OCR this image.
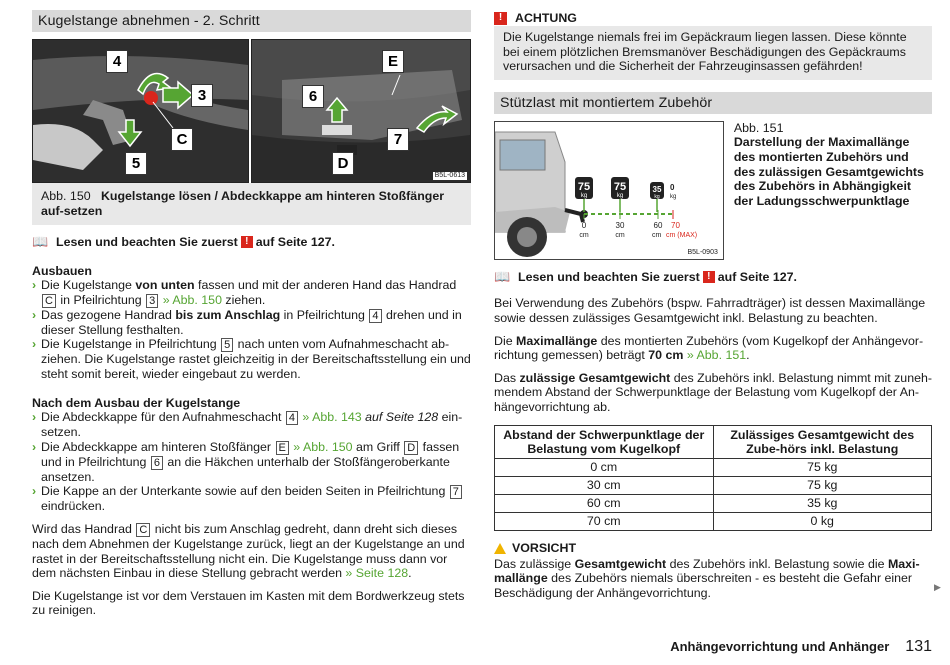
Kugelstange abnehmen - 2. Schritt
4
3
C
5
E
6
7
D
B5L-0613
Abb. 150 Kugelstange lösen / Abdeckkappe am hinteren Stoßfänger auf-setzen
📖 Lesen und beachten Sie zuerst ! auf Seite 127.
Ausbauen
› Die Kugelstange von unten fassen und mit der anderen Hand das Handrad C in Pfeilrichtung 3 » Abb. 150 ziehen.
› Das gezogene Handrad bis zum Anschlag in Pfeilrichtung 4 drehen und in dieser Stellung festhalten.
› Die Kugelstange in Pfeilrichtung 5 nach unten vom Aufnahmeschacht ab-ziehen. Die Kugelstange rastet gleichzeitig in der Bereitschaftsstellung ein und steht somit bereit, wieder eingebaut zu werden.
Nach dem Ausbau der Kugelstange
› Die Abdeckkappe für den Aufnahmeschacht 4 » Abb. 143 auf Seite 128 ein-setzen.
› Die Abdeckkappe am hinteren Stoßfänger E » Abb. 150 am Griff D fassen und in Pfeilrichtung 6 an die Häkchen unterhalb der Stoßfängeroberkante ansetzen.
› Die Kappe an der Unterkante sowie auf den beiden Seiten in Pfeilrichtung 7 eindrücken.

Wird das Handrad C nicht bis zum Anschlag gedreht, dann dreht sich dieses nach dem Abnehmen der Kugelstange zurück, liegt an der Kugelstange an und rastet in der Bereitschaftsstellung nicht ein. Die Kugelstange muss dann vor dem nächsten Einbau in diese Stellung gebracht werden » Seite 128.

Die Kugelstange ist vor dem Verstauen im Kasten mit dem Bordwerkzeug stets zu reinigen.

!	ACHTUNG
Die Kugelstange niemals frei im Gepäckraum liegen lassen. Diese könnte bei einem plötzlichen Bremsmanöver Beschädigungen des Gepäckraums verursachen und die Sicherheit der Fahrzeuginsassen gefährden!
Stützlast mit montiertem Zubehör
75 75	35 0
kg	kg	kg kg
0	30	60 70
cm	cm	cm cm (MAX)
B5L-0903
Abb. 151
Darstellung der Maximallänge des montierten Zubehörs und des zulässigen Gesamtgewichts des Zubehörs in Abhängigkeit der Ladungsschwerpunktlage
📖 Lesen und beachten Sie zuerst ! auf Seite 127.

Bei Verwendung des Zubehörs (bspw. Fahrradträger) ist dessen Maximallänge sowie dessen zulässiges Gesamtgewicht inkl. Belastung zu beachten.

Die Maximallänge des montierten Zubehörs (vom Kugelkopf der Anhängevor-richtung gemessen) beträgt 70 cm » Abb. 151.

Das zulässige Gesamtgewicht des Zubehörs inkl. Belastung nimmt mit zuneh-mendem Abstand der Schwerpunktlage der Belastung vom Kugelkopf der An-hängevorrichtung ab.

Abstand der Schwerpunktlage der Belastung vom Kugelkopf	Zulässiges Gesamtgewicht des Zube-hörs inkl. Belastung
0 cm	75 kg
30 cm	75 kg
60 cm	35 kg
70 cm	0 kg
VORSICHT
Das zulässige Gesamtgewicht des Zubehörs inkl. Belastung sowie die Maxi-mallänge des Zubehörs niemals überschreiten - es besteht die Gefahr einer Beschädigung der Anhängevorrichtung.	▶
Anhängevorrichtung und Anhänger 131
